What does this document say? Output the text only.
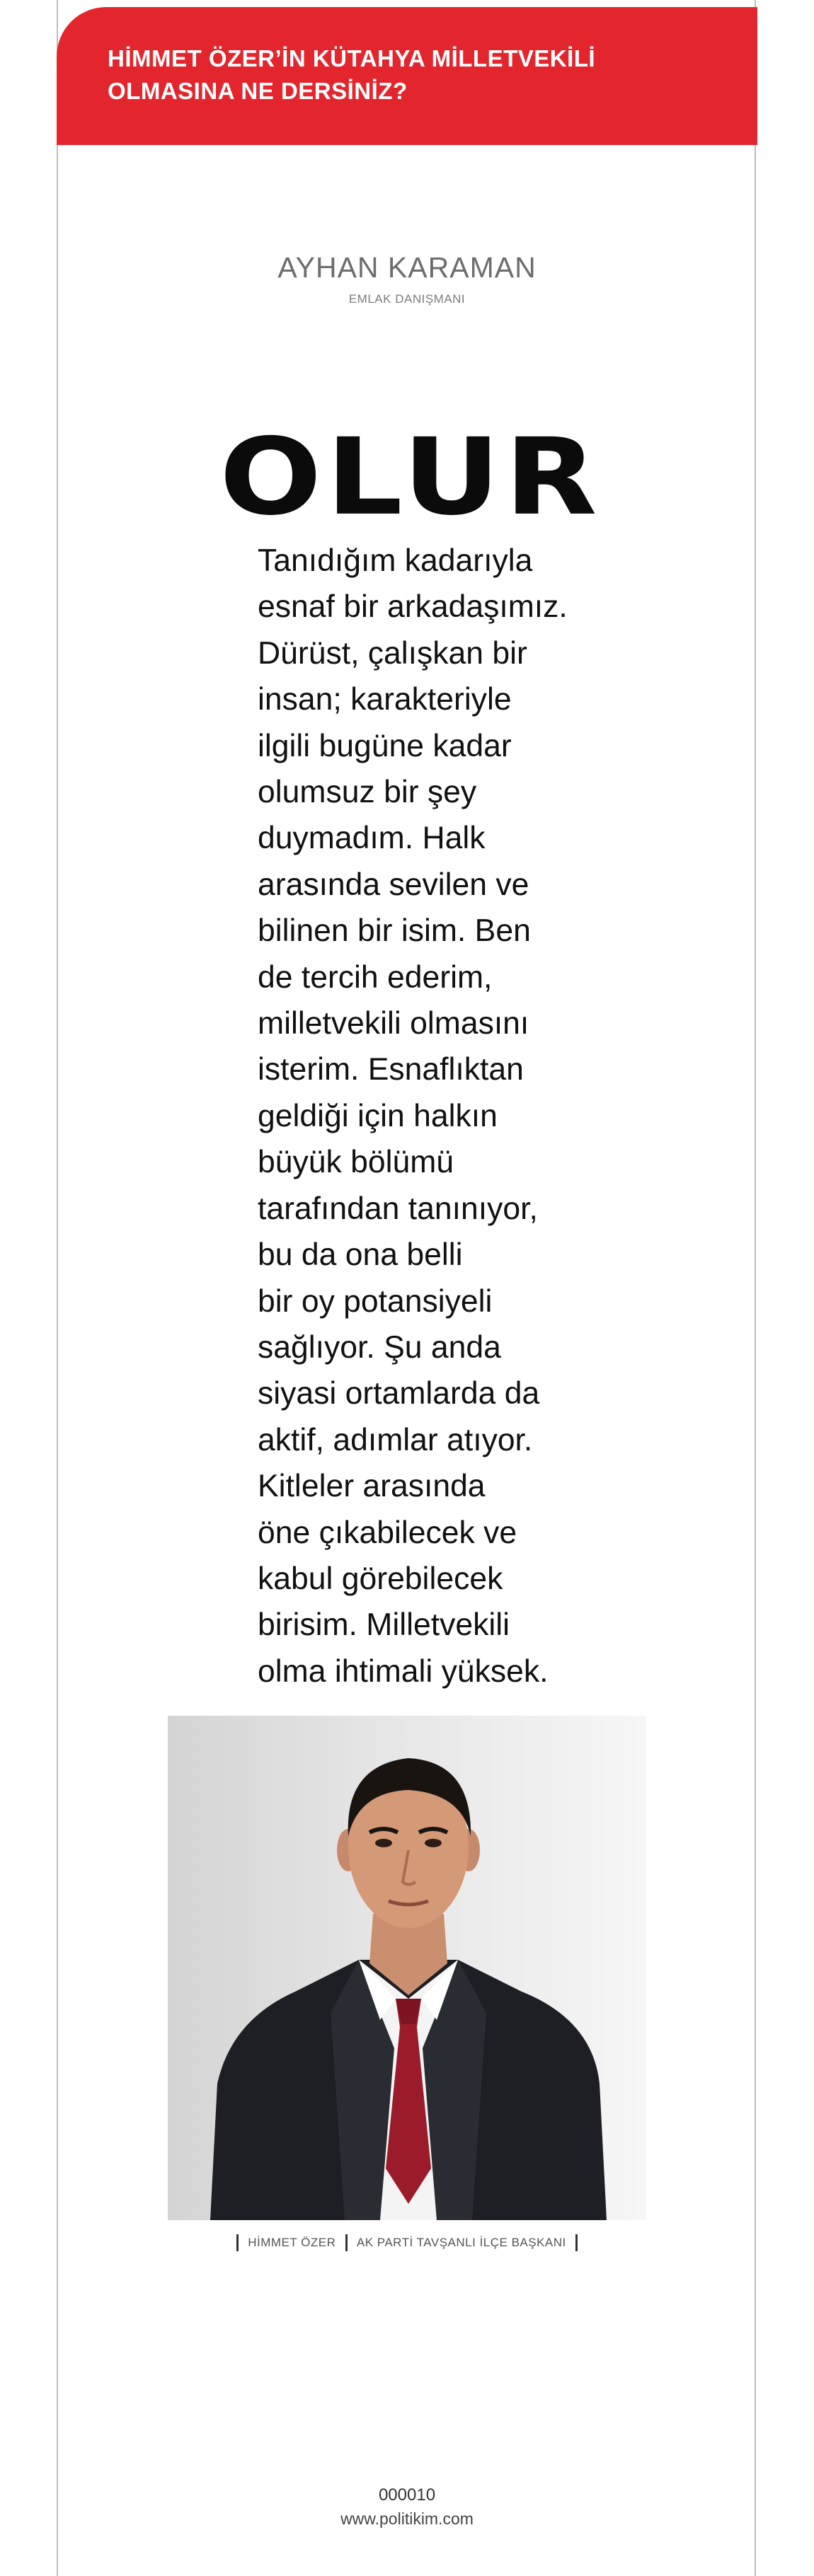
HİMMET ÖZER’İN KÜTAHYA MİLLETVEKİLİ
OLMASINA NE DERSİNİZ?
AYHAN KARAMAN
EMLAK DANIŞMANI
OLUR
Tanıdığım kadarıyla
esnaf bir arkadaşımız.
Dürüst, çalışkan bir
insan; karakteriyle
ilgili bugüne kadar
olumsuz bir şey
duymadım. Halk
arasında sevilen ve
bilinen bir isim. Ben
de tercih ederim,
milletvekili olmasını
isterim. Esnaflıktan
geldiği için halkın
büyük bölümü
tarafından tanınıyor,
bu da ona belli
bir oy potansiyeli
sağlıyor. Şu anda
siyasi ortamlarda da
aktif, adımlar atıyor.
Kitleler arasında
öne çıkabilecek ve
kabul görebilecek
birisim. Milletvekili
olma ihtimali yüksek.
HİMMET ÖZER AK PARTİ TAVŞANLI İLÇE BAŞKANI
000010
www.politikim.com
